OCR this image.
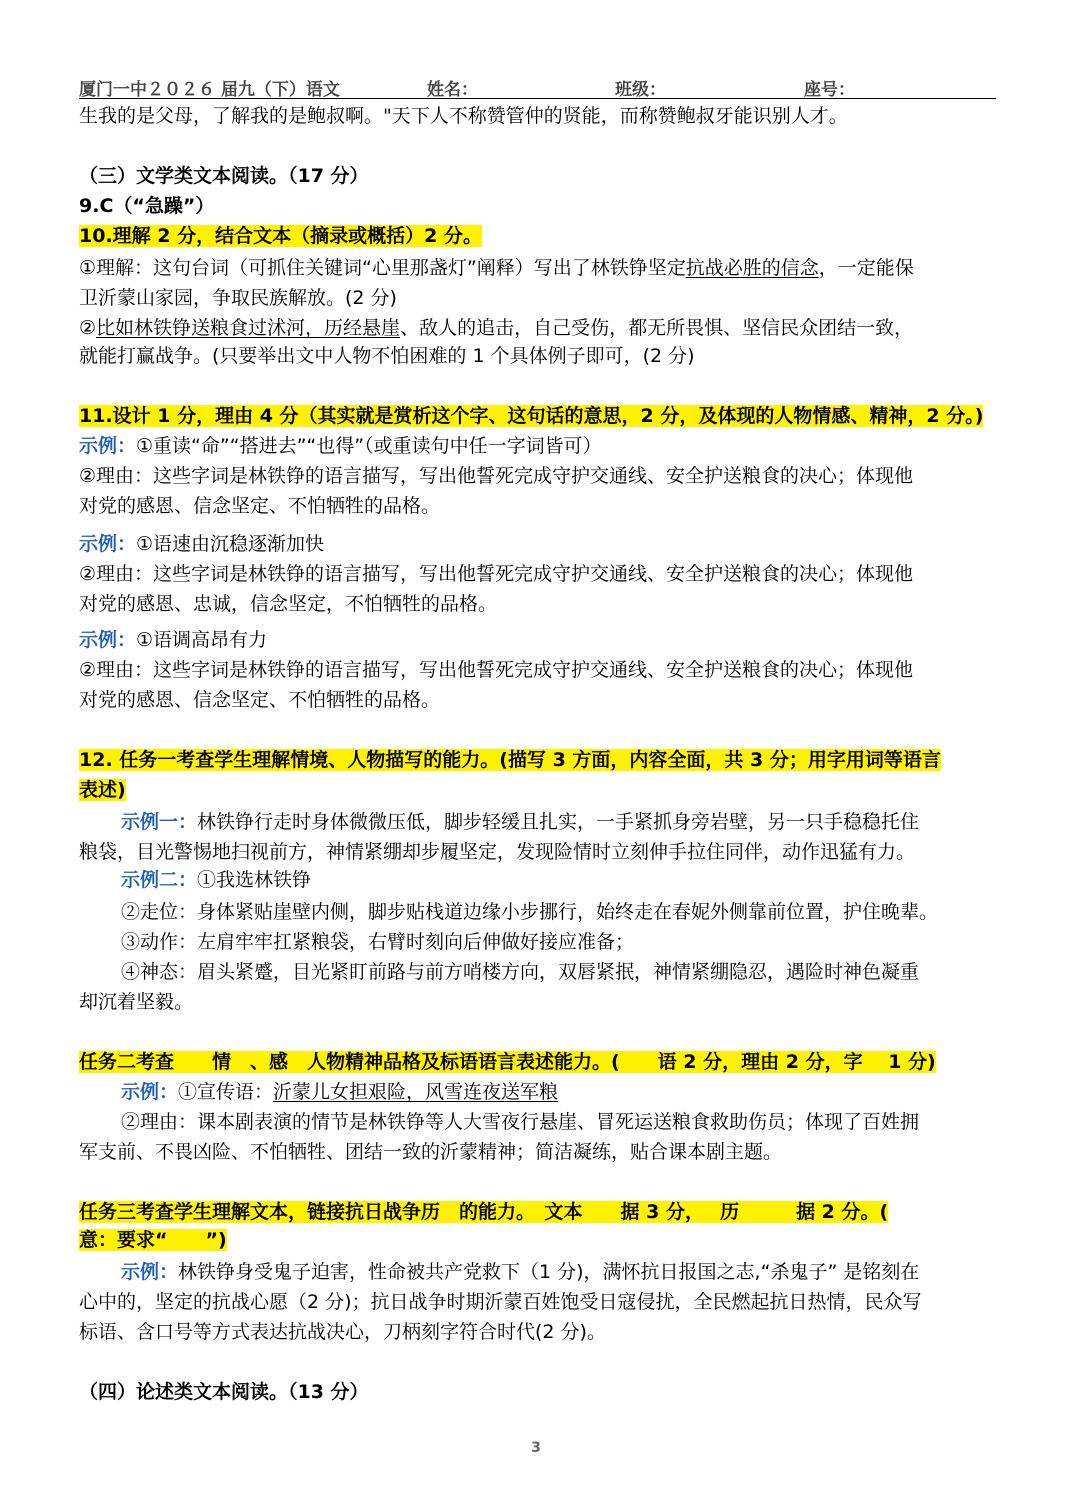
厦门一中２０２６ 届九（下）语文	姓名：	班级：	座号：
生我的是父母，了解我的是鲍叔啊。"天下人不称赞管仲的贤能，而称赞鲍叔牙能识别人才。
（三）文学类文本阅读。（17 分）
9.C（“急躁”）
10.理解 2 分，结合文本（摘录或概括）2 分。
①理解：这句台词（可抓住关键词“心里那盏灯”阐释）写出了林铁铮坚定抗战必胜的信念，一定能保
卫沂蒙山家园，争取民族解放。(2 分)
②比如林铁铮送粮食过沭河，历经悬崖、敌人的追击，自己受伤，都无所畏惧、坚信民众团结一致，
就能打赢战争。(只要举出文中人物不怕困难的 1 个具体例子即可，(2 分)
11.设计 1 分，理由 4 分（其实就是赏析这个字、这句话的意思，2 分，及体现的人物情感、精神，2 分。)
示例：①重读“命”“搭进去”“也得”（或重读句中任一字词皆可）
②理由：这些字词是林铁铮的语言描写，写出他誓死完成守护交通线、安全护送粮食的决心；体现他
对党的感恩、信念坚定、不怕牺牲的品格。
示例：①语速由沉稳逐渐加快
②理由：这些字词是林铁铮的语言描写，写出他誓死完成守护交通线、安全护送粮食的决心；体现他
对党的感恩、忠诚，信念坚定，不怕牺牲的品格。
示例：①语调高昂有力
②理由：这些字词是林铁铮的语言描写，写出他誓死完成守护交通线、安全护送粮食的决心；体现他
对党的感恩、信念坚定、不怕牺牲的品格。
12. 任务一考查学生理解情境、人物描写的能力。(描写 3 方面，内容全面，共 3 分；用字用词等语言
表述)
示例一：林铁铮行走时身体微微压低，脚步轻缓且扎实，一手紧抓身旁岩壁，另一只手稳稳托住
粮袋，目光警惕地扫视前方，神情紧绷却步履坚定，发现险情时立刻伸手拉住同伴，动作迅猛有力。
示例二：①我选林铁铮
②走位：身体紧贴崖壁内侧，脚步贴栈道边缘小步挪行，始终走在春妮外侧靠前位置，护住晚辈。
③动作：左肩牢牢扛紧粮袋，右臂时刻向后伸做好接应准备；
④神态：眉头紧蹙，目光紧盯前路与前方哨楼方向，双唇紧抿，神情紧绷隐忍，遇险时神色凝重
却沉着坚毅。
任务二考查　　情　、感　人物精神品格及标语语言表述能力。(　　语 2 分，理由 2 分，字　 1 分)
示例：①宣传语：沂蒙儿女担艰险，风雪连夜送军粮
②理由：课本剧表演的情节是林铁铮等人大雪夜行悬崖、冒死运送粮食救助伤员；体现了百姓拥
军支前、不畏凶险、不怕牺牲、团结一致的沂蒙精神；简洁凝练，贴合课本剧主题。
任务三考查学生理解文本，链接抗日战争历　的能力。　文本　　据 3 分，　 历　　　据 2 分。(
意：要求“　　”)
示例：林铁铮身受鬼子迫害，性命被共产党救下（1 分)，满怀抗日报国之志,“杀鬼子” 是铭刻在
心中的，坚定的抗战心愿（2 分)；抗日战争时期沂蒙百姓饱受日寇侵扰，全民燃起抗日热情，民众写
标语、含口号等方式表达抗战决心，刀柄刻字符合时代(2 分)。
（四）论述类文本阅读。（13 分）
3
